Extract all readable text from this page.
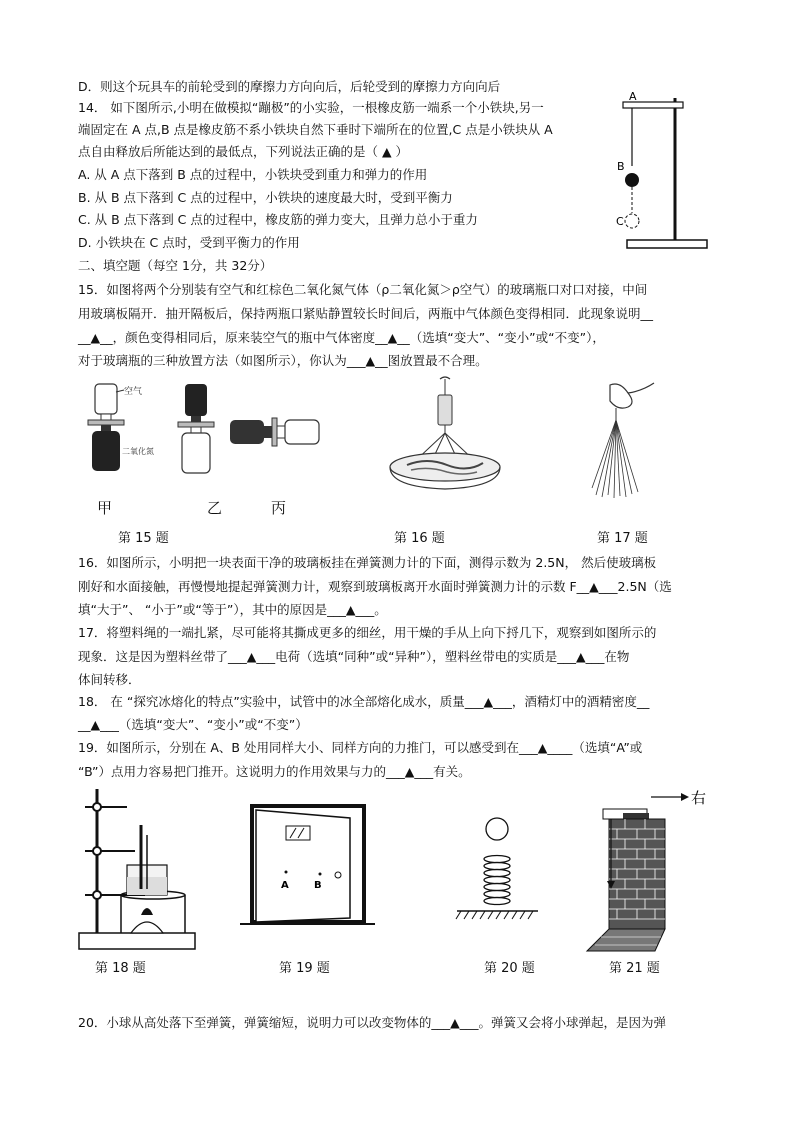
D．则这个玩具车的前轮受到的摩擦力方向向后，后轮受到的摩擦力方向向后
14． 如下图所示,小明在做模拟“蹦极”的小实验，一根橡皮筋一端系一个小铁块,另一
端固定在 A 点,B 点是橡皮筋不系小铁块自然下垂时下端所在的位置,C 点是小铁块从 A
点自由释放后所能达到的最低点，下列说法正确的是（ ▲ ）
A. 从 A 点下落到 B 点的过程中，小铁块受到重力和弹力的作用
B. 从 B 点下落到 C 点的过程中，小铁块的速度最大时，受到平衡力
C. 从 B 点下落到 C 点的过程中，橡皮筋的弹力变大，且弹力总小于重力
D. 小铁块在 C 点时，受到平衡力的作用
A
B
C
二、填空题（每空 1分，共 32分）
15．如图将两个分别装有空气和红棕色二氧化氮气体（ρ二氧化氮＞ρ空气）的玻璃瓶口对口对接，中间
用玻璃板隔开．抽开隔板后，保持两瓶口紧贴静置较长时间后，两瓶中气体颜色变得相同．此现象说明__
__▲__，颜色变得相同后，原来装空气的瓶中气体密度__▲__（选填“变大”、“变小”或“不变”），
对于玻璃瓶的三种放置方法（如图所示），你认为___▲__图放置最不合理。
空气
二氧化氮
甲	乙	丙
第 15 题	第 16 题	第 17 题
16．如图所示，小明把一块表面干净的玻璃板挂在弹簧测力计的下面，测得示数为 2.5N， 然后使玻璃板
刚好和水面接触，再慢慢地提起弹簧测力计，观察到玻璃板离开水面时弹簧测力计的示数 F__▲___2.5N（选
填“大于”、 “小于”或“等于”），其中的原因是___▲___。
17．将塑料绳的一端扎紧，尽可能将其撕成更多的细丝，用干燥的手从上向下捋几下，观察到如图所示的
现象．这是因为塑料丝带了___▲___电荷（选填“同种”或“异种”），塑料丝带电的实质是___▲___在物
体间转移．
18． 在 “探究冰熔化的特点”实验中，试管中的冰全部熔化成水，质量___▲___，酒精灯中的酒精密度__
__▲___（选填“变大”、“变小”或“不变”）
19．如图所示，分别在 A、B 处用同样大小、同样方向的力推门，可以感受到在___▲____（选填“A”或
“B”）点用力容易把门推开。这说明力的作用效果与力的___▲___有关。
A	B
右
第 18 题	第 19 题	第 20 题	第 21 题
20．小球从高处落下至弹簧，弹簧缩短，说明力可以改变物体的___▲___。弹簧又会将小球弹起，是因为弹
